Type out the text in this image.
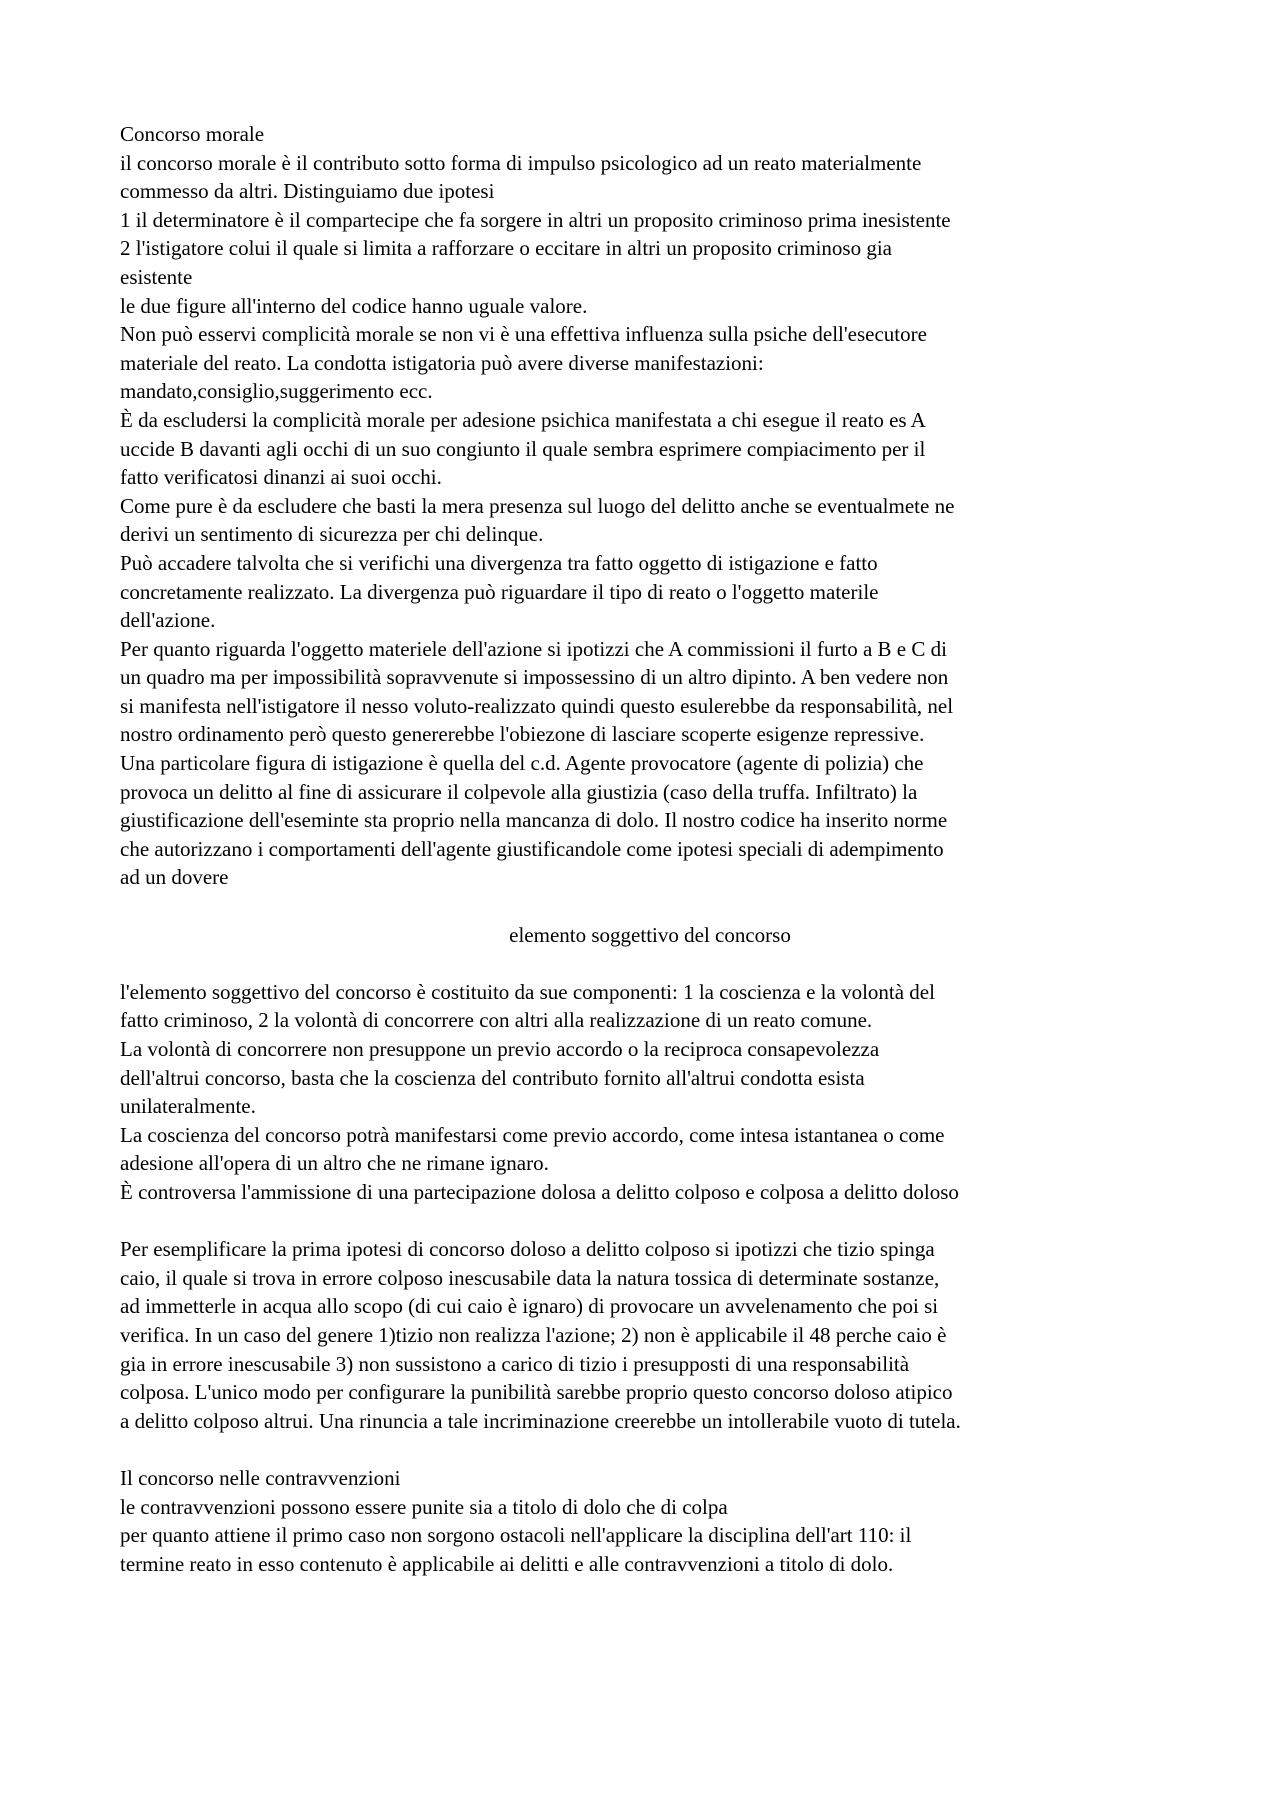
Concorso morale
il concorso morale è il contributo sotto forma di impulso psicologico ad un reato materialmente
commesso da altri. Distinguiamo due ipotesi
1 il determinatore è il compartecipe che fa sorgere in altri un proposito criminoso prima inesistente
2 l'istigatore colui il quale si limita a rafforzare o eccitare in altri un proposito criminoso gia
esistente
le due figure all'interno del codice hanno uguale valore.
Non può esservi complicità morale se non vi è una effettiva influenza sulla psiche dell'esecutore
materiale del reato. La condotta istigatoria può avere diverse manifestazioni:
mandato,consiglio,suggerimento ecc.
È da escludersi la complicità morale per adesione psichica manifestata a chi esegue il reato es A
uccide B davanti agli occhi di un suo congiunto il quale sembra esprimere compiacimento per il
fatto verificatosi dinanzi ai suoi occhi.
Come pure è da escludere che basti la mera presenza sul luogo del delitto anche se eventualmete ne
derivi un sentimento di sicurezza per chi delinque.
Può accadere talvolta che si verifichi una divergenza tra fatto oggetto di istigazione e fatto
concretamente realizzato. La divergenza può riguardare il tipo di reato o l'oggetto materile
dell'azione.
Per quanto riguarda l'oggetto materiele dell'azione si ipotizzi che A commissioni il furto a B e C di
un quadro ma per impossibilità sopravvenute si impossessino di un altro dipinto. A ben vedere non
si manifesta nell'istigatore il nesso voluto-realizzato quindi questo esulerebbe da responsabilità, nel
nostro ordinamento però questo genererebbe l'obiezone di lasciare scoperte esigenze repressive.
Una particolare figura di istigazione è quella del c.d. Agente provocatore (agente di polizia) che
provoca un delitto al fine di assicurare il colpevole alla giustizia (caso della truffa. Infiltrato) la
giustificazione dell'eseminte sta proprio nella mancanza di dolo. Il nostro codice ha inserito norme
che autorizzano i comportamenti dell'agente giustificandole come ipotesi speciali di adempimento
ad un dovere
elemento soggettivo del concorso
l'elemento soggettivo del concorso è costituito da sue componenti: 1 la coscienza e la volontà del
fatto criminoso, 2 la volontà di concorrere con altri alla realizzazione di un reato comune.
La volontà di concorrere non presuppone un previo accordo o la reciproca consapevolezza
dell'altrui concorso, basta che la coscienza del contributo fornito all'altrui condotta esista
unilateralmente.
La coscienza del concorso potrà manifestarsi come previo accordo, come intesa istantanea o come
adesione all'opera di un altro che ne rimane ignaro.
È controversa l'ammissione di una partecipazione dolosa a delitto colposo e colposa a delitto doloso
Per esemplificare la prima ipotesi di concorso doloso a delitto colposo si ipotizzi che tizio spinga
caio, il quale si trova in errore colposo inescusabile data la natura tossica di determinate sostanze,
ad immetterle in acqua allo scopo (di cui caio è ignaro) di provocare un avvelenamento che poi si
verifica. In un caso del genere 1)tizio non realizza l'azione; 2) non è applicabile il 48 perche caio è
gia in errore inescusabile 3) non sussistono a carico di tizio i presupposti di una responsabilità
colposa. L'unico modo per configurare la punibilità sarebbe proprio questo concorso doloso atipico
a delitto colposo altrui. Una rinuncia a tale incriminazione creerebbe un intollerabile vuoto di tutela.
Il concorso nelle contravvenzioni
le contravvenzioni possono essere punite sia a titolo di dolo che di colpa
per quanto attiene il primo caso non sorgono ostacoli nell'applicare la disciplina dell'art 110: il
termine reato in esso contenuto è applicabile ai delitti e alle contravvenzioni a titolo di dolo.
